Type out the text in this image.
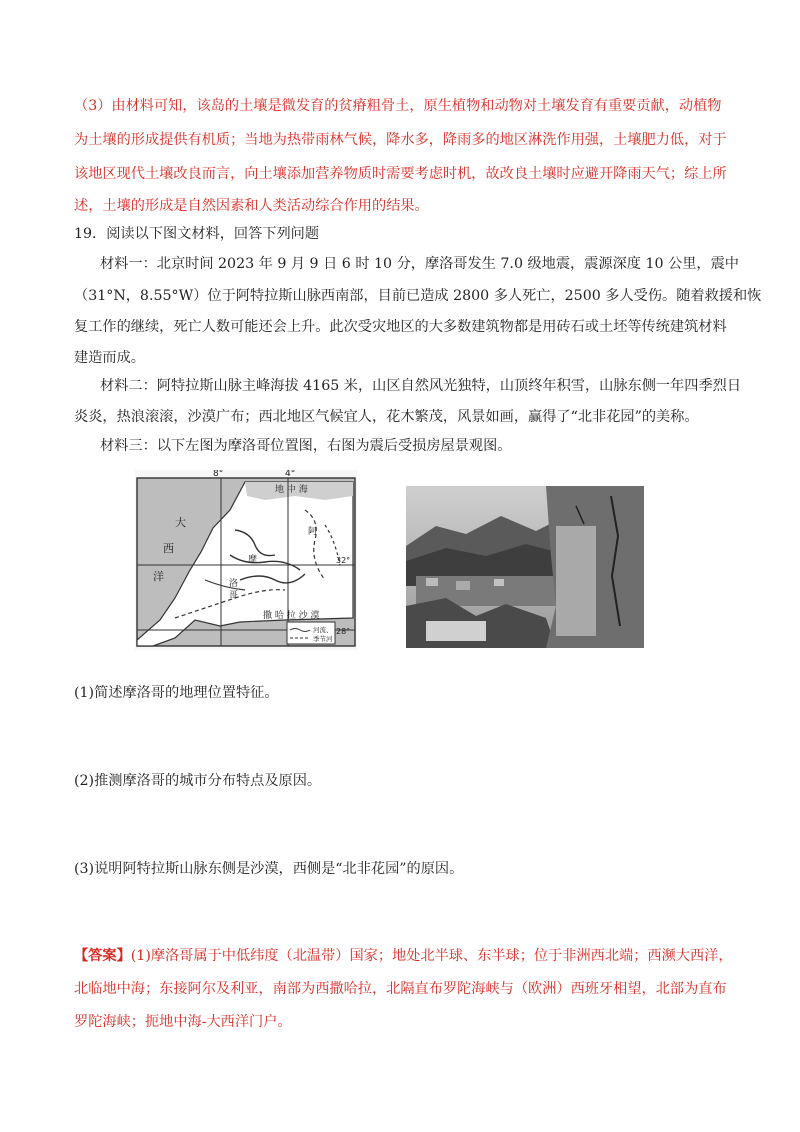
（3）由材料可知，该岛的土壤是微发育的贫瘠粗骨土，原生植物和动物对土壤发育有重要贡献，动植物
为土壤的形成提供有机质；当地为热带雨林气候，降水多，降雨多的地区淋洗作用强，土壤肥力低，对于
该地区现代土壤改良而言，向土壤添加营养物质时需要考虑时机，故改良土壤时应避开降雨天气；综上所
述，土壤的形成是自然因素和人类活动综合作用的结果。
19．阅读以下图文材料，回答下列问题
材料一：北京时间 2023 年 9 月 9 日 6 时 10 分，摩洛哥发生 7.0 级地震，震源深度 10 公里，震中
（31°N，8.55°W）位于阿特拉斯山脉西南部，目前已造成 2800 多人死亡，2500 多人受伤。随着救援和恢
复工作的继续，死亡人数可能还会上升。此次受灾地区的大多数建筑物都是用砖石或土坯等传统建筑材料
建造而成。
材料二：阿特拉斯山脉主峰海拔 4165 米，山区自然风光独特，山顶终年积雪，山脉东侧一年四季烈日
炎炎，热浪滚滚，沙漠广布；西北地区气候宜人，花木繁茂，风景如画，赢得了“北非花园”的美称。
材料三：以下左图为摩洛哥位置图，右图为震后受损房屋景观图。
8°	4°
地 中 海
大
西
洋
摩
洛
哥
阿
撒 哈 拉 沙 漠
32°
28°
河流、
季节河
(1)简述摩洛哥的地理位置特征。
(2)推测摩洛哥的城市分布特点及原因。
(3)说明阿特拉斯山脉东侧是沙漠，西侧是“北非花园”的原因。
【答案】(1)摩洛哥属于中低纬度（北温带）国家；地处北半球、东半球；位于非洲西北端；西濒大西洋，
北临地中海；东接阿尔及利亚，南部为西撒哈拉，北隔直布罗陀海峡与（欧洲）西班牙相望，北部为直布
罗陀海峡；扼地中海-大西洋门户。
